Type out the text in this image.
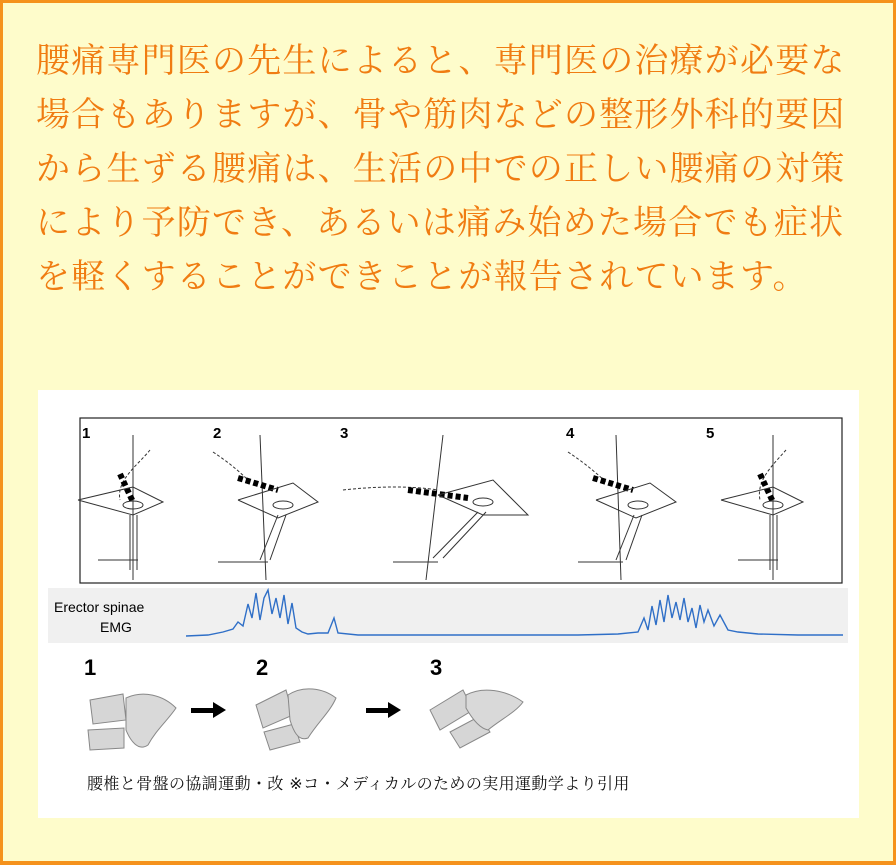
腰痛専門医の先生によると、専門医の治療が必要な場合もありますが、骨や筋肉などの整形外科的要因から生ずる腰痛は、生活の中での正しい腰痛の対策により予防でき、あるいは痛み始めた場合でも症状を軽くすることができことが報告されています。

1	2	3	4	5
Erector spinae
EMG
1	2	3
腰椎と骨盤の協調運動・改 ※コ・メディカルのための実用運動学より引用
